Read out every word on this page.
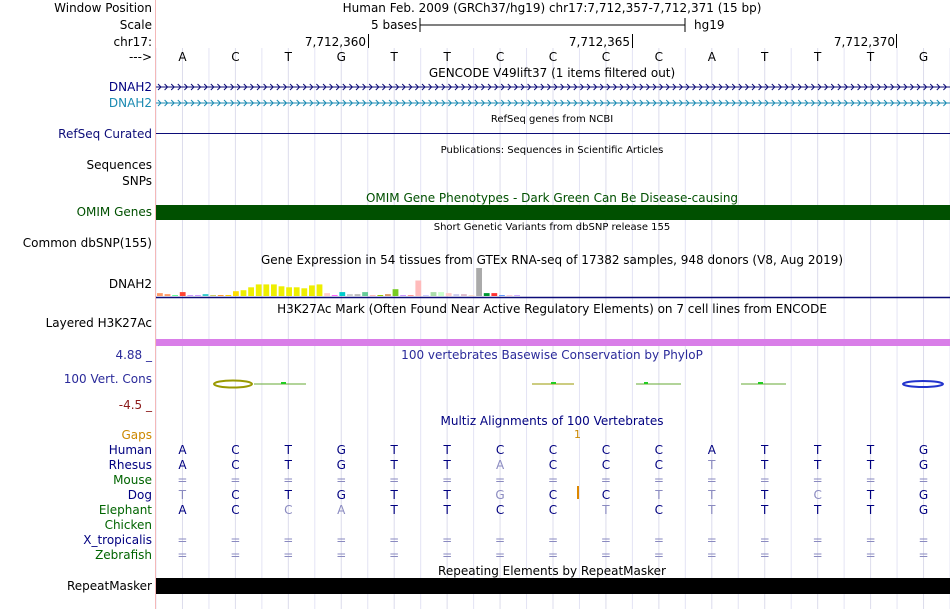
Window Position	Human Feb. 2009 (GRCh37/hg19) chr17:7,712,357-7,712,371 (15 bp)
Scale	5 bases	hg19
chr17:	7,712,360	7,712,365	7,712,370
--->	A	C	T	G	T	T	C	C	C	C	A	T	T	T	G
GENCODE V49lift37 (1 items filtered out)
DNAH2
DNAH2
RefSeq genes from NCBI
RefSeq Curated
Publications: Sequences in Scientific Articles
Sequences
SNPs
OMIM Gene Phenotypes - Dark Green Can Be Disease-causing
OMIM Genes
Short Genetic Variants from dbSNP release 155
Common dbSNP(155)
Gene Expression in 54 tissues from GTEx RNA-seq of 17382 samples, 948 donors (V8, Aug 2019)
DNAH2
H3K27Ac Mark (Often Found Near Active Regulatory Elements) on 7 cell lines from ENCODE
Layered H3K27Ac
100 vertebrates Basewise Conservation by PhyloP
4.88 _
100 Vert. Cons
-4.5 _
Multiz Alignments of 100 Vertebrates
Gaps	1
Human	A	C	T	G	T	T	C	C	C	C	A	T	T	T	G
Rhesus	A	C	T	G	T	T	A	C	C	C	T	T	T	T	G
Mouse	=	=	=	=	=	=	=	=	=	=	=	=	=	=	=
Dog	T	C	T	G	T	T	G	C	C	T	T	T	C	T	G
Elephant	A	C	C	A	T	T	C	C	T	C	T	T	T	T	G
Chicken
X_tropicalis	=	=	=	=	=	=	=	=	=	=	=	=	=	=	=
Zebrafish	=	=	=	=	=	=	=	=	=	=	=	=	=	=	=
Repeating Elements by RepeatMasker
RepeatMasker
